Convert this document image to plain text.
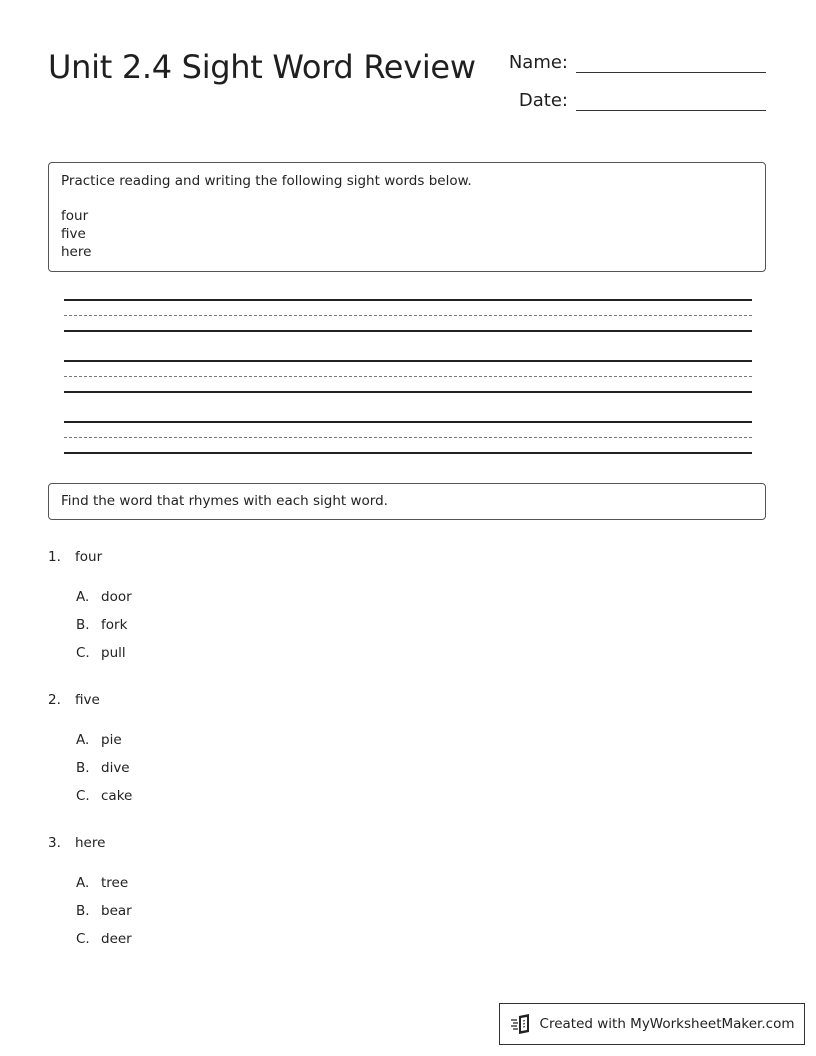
Unit 2.4 Sight Word Review Name:
Date:

Practice reading and writing the following sight words below.

four
five
here

Find the word that rhymes with each sight word.

1.	four
A. door
B. fork
C. pull
2.	five
A. pie
B. dive
C. cake
3.	here
A. tree
B. bear
C. deer
Created with MyWorksheetMaker.com
